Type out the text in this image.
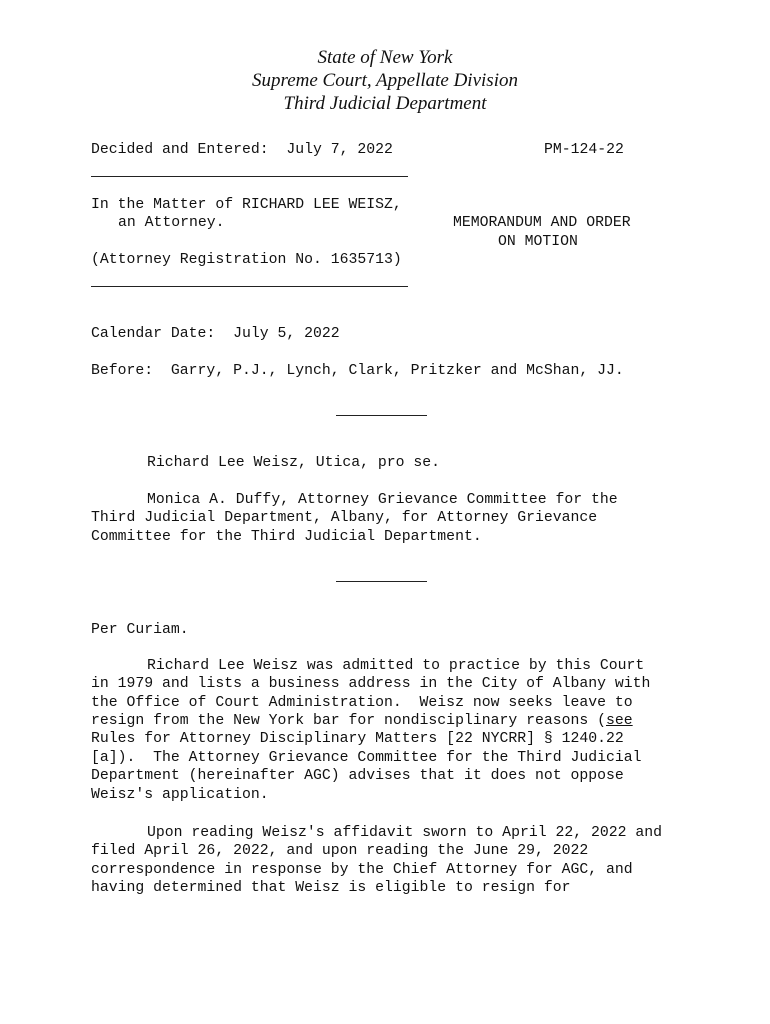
State of New York
Supreme Court, Appellate Division
Third Judicial Department
Decided and Entered:  July 7, 2022	PM-124-22
In the Matter of RICHARD LEE WEISZ,
an Attorney.
(Attorney Registration No. 1635713)
MEMORANDUM AND ORDER
ON MOTION
Calendar Date:  July 5, 2022
Before:  Garry, P.J., Lynch, Clark, Pritzker and McShan, JJ.
Richard Lee Weisz, Utica, pro se.
Monica A. Duffy, Attorney Grievance Committee for the
Third Judicial Department, Albany, for Attorney Grievance
Committee for the Third Judicial Department.
Per Curiam.
Richard Lee Weisz was admitted to practice by this Court
in 1979 and lists a business address in the City of Albany with
the Office of Court Administration.  Weisz now seeks leave to
resign from the New York bar for nondisciplinary reasons (see
Rules for Attorney Disciplinary Matters [22 NYCRR] § 1240.22
[a]).  The Attorney Grievance Committee for the Third Judicial
Department (hereinafter AGC) advises that it does not oppose
Weisz's application.
Upon reading Weisz's affidavit sworn to April 22, 2022 and
filed April 26, 2022, and upon reading the June 29, 2022
correspondence in response by the Chief Attorney for AGC, and
having determined that Weisz is eligible to resign for
